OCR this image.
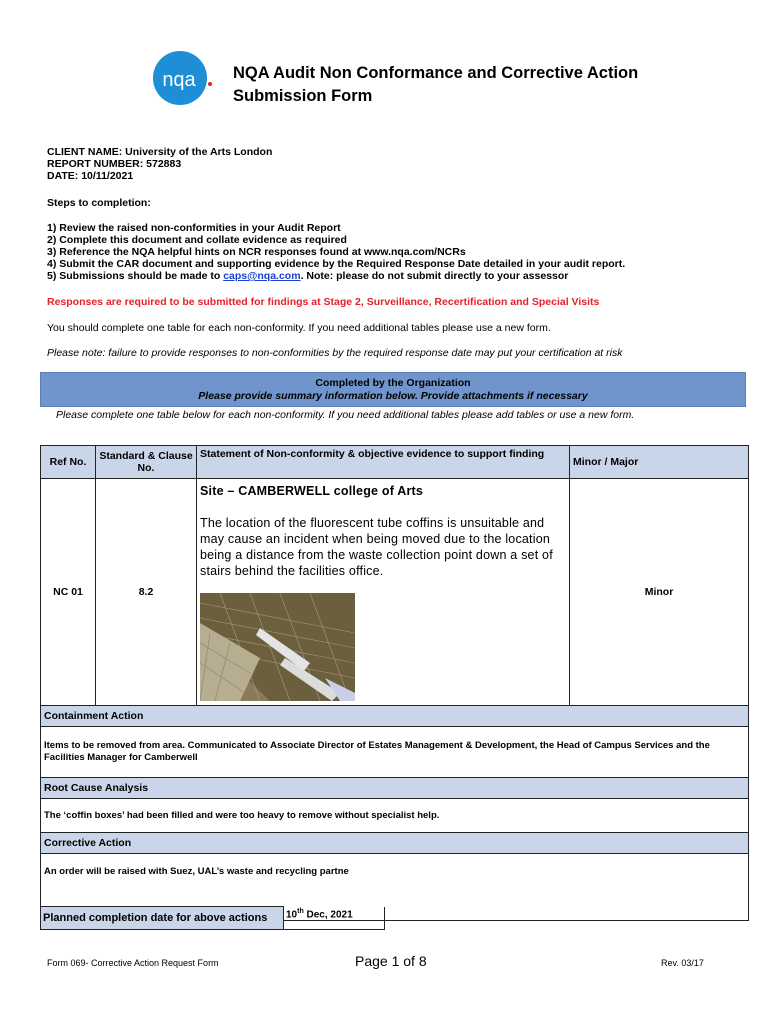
nqa NQA Audit Non Conformance and Corrective Action
Submission Form
CLIENT NAME: University of the Arts London
REPORT NUMBER: 572883
DATE: 10/11/2021
Steps to completion:
1) Review the raised non-conformities in your Audit Report
2) Complete this document and collate evidence as required
3) Reference the NQA helpful hints on NCR responses found at www.nqa.com/NCRs
4) Submit the CAR document and supporting evidence by the Required Response Date detailed in your audit report.
5) Submissions should be made to caps@nqa.com. Note: please do not submit directly to your assessor
Responses are required to be submitted for findings at Stage 2, Surveillance, Recertification and Special Visits
You should complete one table for each non-conformity. If you need additional tables please use a new form.
Please note: failure to provide responses to non-conformities by the required response date may put your certification at risk
Completed by the Organization
Please provide summary information below. Provide attachments if necessary
Please complete one table below for each non-conformity. If you need additional tables please add tables or use a new form.
Ref No.	Standard & Clause No.	Statement of Non-conformity & objective evidence to support finding	Minor / Major
NC 01	8.2	Site – CAMBERWELL college of Arts
The location of the fluorescent tube coffins is unsuitable and may cause an incident when being moved due to the location being a distance from the waste collection point down a set of stairs behind the facilities office.	Minor
Containment Action			
Items to be removed from area. Communicated to Associate Director of Estates Management & Development, the Head of Campus Services and the Facilities Manager for Camberwell			
Root Cause Analysis			
The ‘coffin boxes’ had been filled and were too heavy to remove without specialist help.			
Corrective Action			
An order will be raised with Suez, UAL’s waste and recycling partne			
Planned completion date for above actions	10th Dec, 2021
Form 069- Corrective Action Request Form	Page 1 of 8	Rev. 03/17
